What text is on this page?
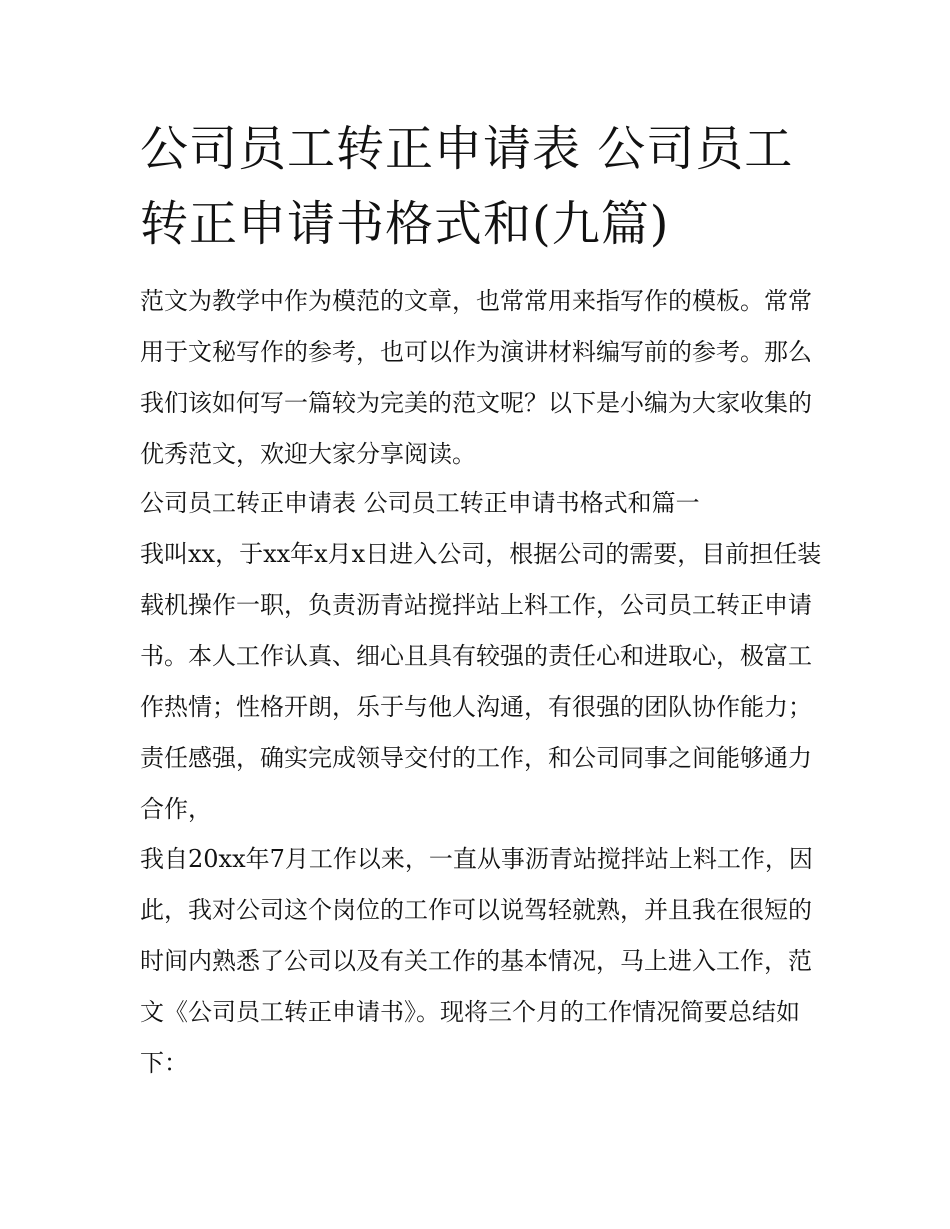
公司员工转正申请表 公司员工转正申请书格式和(九篇)

范文为教学中作为模范的文章，也常常用来指写作的模板。常常用于文秘写作的参考，也可以作为演讲材料编写前的参考。那么我们该如何写一篇较为完美的范文呢？以下是小编为大家收集的优秀范文，欢迎大家分享阅读。

公司员工转正申请表 公司员工转正申请书格式和篇一

我叫xx，于xx年x月x日进入公司，根据公司的需要，目前担任装载机操作一职，负责沥青站搅拌站上料工作，公司员工转正申请书。本人工作认真、细心且具有较强的责任心和进取心，极富工作热情；性格开朗，乐于与他人沟通，有很强的团队协作能力；责任感强，确实完成领导交付的工作，和公司同事之间能够通力合作，

我自20xx年7月工作以来，一直从事沥青站搅拌站上料工作，因此，我对公司这个岗位的工作可以说驾轻就熟，并且我在很短的时间内熟悉了公司以及有关工作的基本情况，马上进入工作，范文《公司员工转正申请书》。现将三个月的工作情况简要总结如下：
